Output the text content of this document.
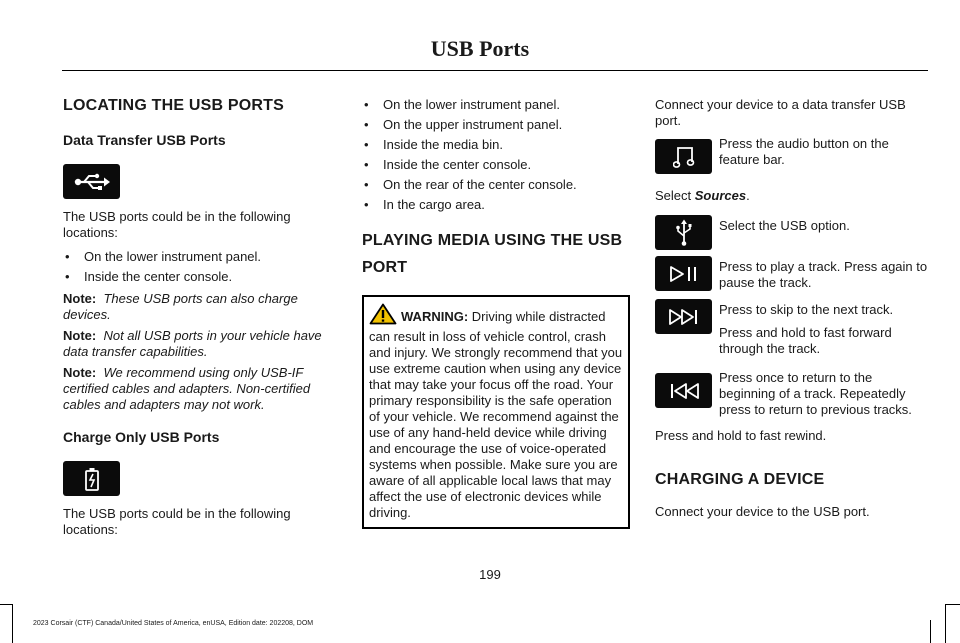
USB Ports
LOCATING THE USB PORTS
Data Transfer USB Ports

The USB ports could be in the following locations:

• On the lower instrument panel.
• Inside the center console.

Note: These USB ports can also charge devices.

Note: Not all USB ports in your vehicle have data transfer capabilities.

Note: We recommend using only USB-IF certified cables and adapters. Non-certified cables and adapters may not work.

Charge Only USB Ports

The USB ports could be in the following locations:

• On the lower instrument panel.
• On the upper instrument panel.
• Inside the media bin.
• Inside the center console.
• On the rear of the center console.
• In the cargo area.
PLAYING MEDIA USING THE USB PORT
WARNING: Driving while distracted can result in loss of vehicle control, crash and injury. We strongly recommend that you use extreme caution when using any device that may take your focus off the road. Your primary responsibility is the safe operation of your vehicle. We recommend against the use of any hand-held device while driving and encourage the use of voice-operated systems when possible. Make sure you are aware of all applicable local laws that may affect the use of electronic devices while driving.

Connect your device to a data transfer USB port.

Press the audio button on the feature bar.

Select Sources.

Select the USB option.

Press to play a track. Press again to pause the track.

Press to skip to the next track.

Press and hold to fast forward through the track.

Press once to return to the beginning of a track. Repeatedly press to return to previous tracks.

Press and hold to fast rewind.

CHARGING A DEVICE

Connect your device to the USB port.

199
2023 Corsair (CTF) Canada/United States of America, enUSA, Edition date: 202208, DOM
